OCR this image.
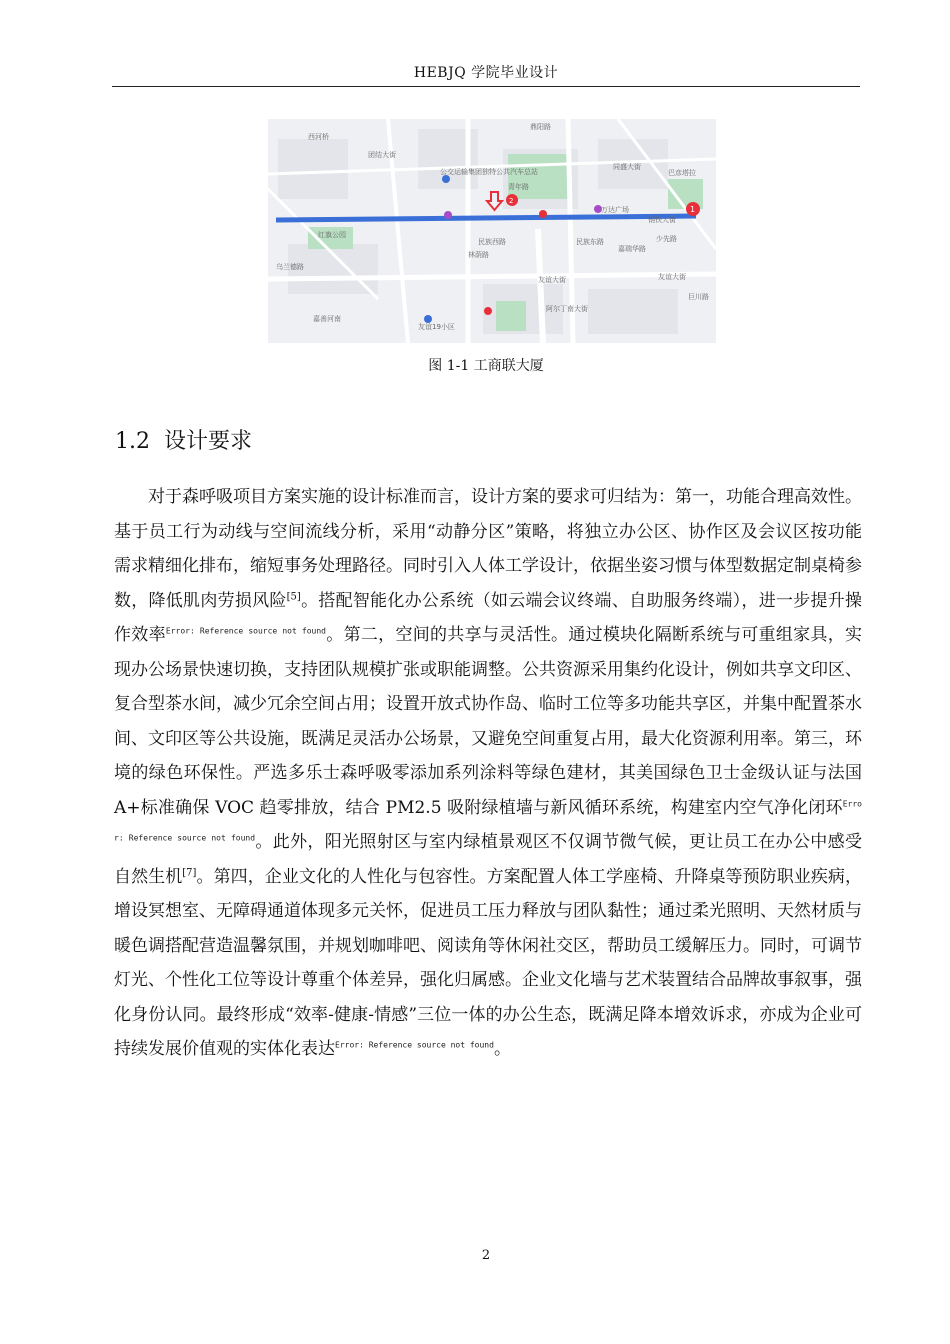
HEBJQ 学院毕业设计
西河桥
团结大街
鼎阳路
公交运输集团独特公共汽车总站
青年路
同盛大街
红旗公园
民族西路
林荫路
民族东路
嘉瑞华路
少先路
友谊大街	友谊大街
阿尔丁南大街
友谊19小区
巨川路
乌兰德路
嘉善河南
万达广场
钢铁大街
巴彦塔拉
2
1
图 1-1 工商联大厦
1.2 设计要求
对于森呼吸项目方案实施的设计标准而言，设计方案的要求可归结为：第一，功能合理高效性。基于员工行为动线与空间流线分析，采用“动静分区”策略，将独立办公区、协作区及会议区按功能需求精细化排布，缩短事务处理路径。同时引入人体工学设计，依据坐姿习惯与体型数据定制桌椅参数，降低肌肉劳损风险[5]。搭配智能化办公系统（如云端会议终端、自助服务终端），进一步提升操作效率$^{Error: Reference source not found}$。第二，空间的共享与灵活性。通过模块化隔断系统与可重组家具，实现办公场景快速切换，支持团队规模扩张或职能调整。公共资源采用集约化设计，例如共享文印区、复合型茶水间，减少冗余空间占用；设置开放式协作岛、临时工位等多功能共享区，并集中配置茶水间、文印区等公共设施，既满足灵活办公场景，又避免空间重复占用，最大化资源利用率。第三，环境的绿色环保性。严选多乐士森呼吸零添加系列涂料等绿色建材，其美国绿色卫士金级认证与法国 A+标准确保 VOC 趋零排放，结合 PM2.5 吸附绿植墙与新风循环系统，构建室内空气净化闭环$^{Error: Reference source not found}$。此外，阳光照射区与室内绿植景观区不仅调节微气候，更让员工在办公中感受自然生机[7]。第四，企业文化的人性化与包容性。方案配置人体工学座椅、升降桌等预防职业疾病，增设冥想室、无障碍通道体现多元关怀，促进员工压力释放与团队黏性；通过柔光照明、天然材质与暖色调搭配营造温馨氛围，并规划咖啡吧、阅读角等休闲社交区，帮助员工缓解压力。同时，可调节灯光、个性化工位等设计尊重个体差异，强化归属感。企业文化墙与艺术装置结合品牌故事叙事，强化身份认同。最终形成“效率-健康-情感”三位一体的办公生态，既满足降本增效诉求，亦成为企业可持续发展价值观的实体化表达$^{Error: Reference source not found}$。
2
